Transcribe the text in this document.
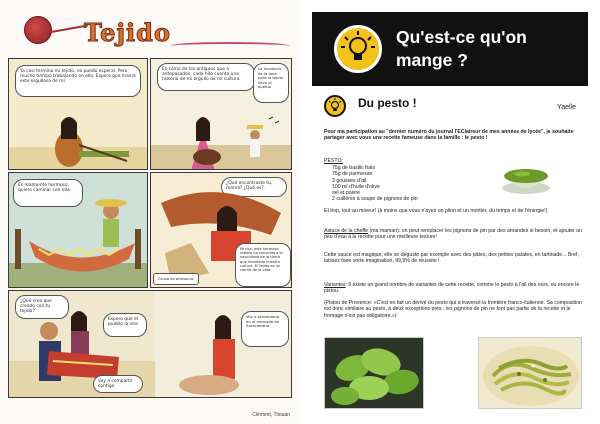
Tejido
Ya casi termino mi tejido, no puedo esperar. Pero mucho tiempo trabajando en ello. Espero que mamá este orgullosa de mí.
Es cómo de los antiguos que a antepasados, cada hilo cuenta una historia de mi orgullo de mi cultura.
La recolecta de la lana para la tejido llevo al pueblo
Es realmente hermoso, quiero caminar con ella.
¿Qué encontraste tu, mamá? ¿Qué es?
Mi hija, este hermoso rebozo ha conocido a la naturaleza de la tierra que heredado nuestra cultura. El tejido es un centro de la vida.
Grupo de artesanos
¿Qué creo que creado con tu tejido?
Espero que el pueblo la vea
Voy a presentarlo en el mercado de Amecameca
Voy a compartir contigo
Clément, Titouan
Qu'est-ce qu'on mange ?
Du pesto !	Yaelle
Pour ma participation au "dernier numéro du journal l'EClaireur de mes années de lycée", je souhaite partager avec vous une recette fameuse dans la famille : le pesto !
PESTO:
75g de basilic frais
75g de parmesan
3 gousses d'ail
100 ml d'huile d'olive
sel et poivre
2 cuillères à soupe de pignons de pin
Et hop, tout au mixeur! (à moins que vous n'ayez un pilon et un mortier, du temps et de l'énergie!)
Astuce de la cheffe (ma maman): on peut remplacer les pignons de pin par des amandes si besoin, et ajouter un peu d'eau à la recette pour une meilleure texture!
Cette sauce est magique, elle se déguste par exemple avec des pâtes, des petites patates, en tartinade... Bref, laissez faire votre imagination, 99,9% de réussite !
Variantes: Il existe un grand nombre de variantes de cette recette, comme le pesto à l'ail des ours, ou encore le pistou.
(Pistou de Provence: «C'est en fait un dérivé du pesto qui a traversé la frontière franco-italienne. Sa composition est donc similaire au pesto, à deux exceptions près : les pignons de pin ne font pas partie de la recette et le fromage n'est pas obligatoire.»)
